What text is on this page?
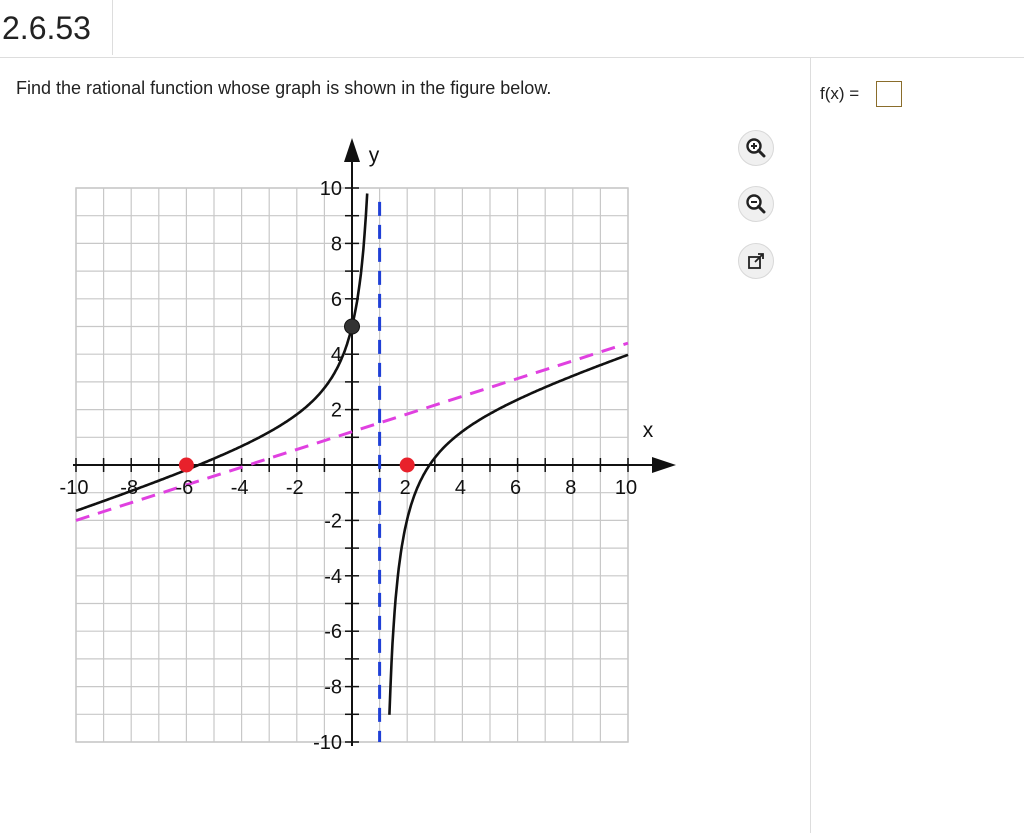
2.6.53
Find the rational function whose graph is shown in the figure below.	f(x) =
-10 -8 -6 -4 -2	2 4 6 8 10
10
8
6
4
2
-2
-4
-6
-8
-10
x
y
